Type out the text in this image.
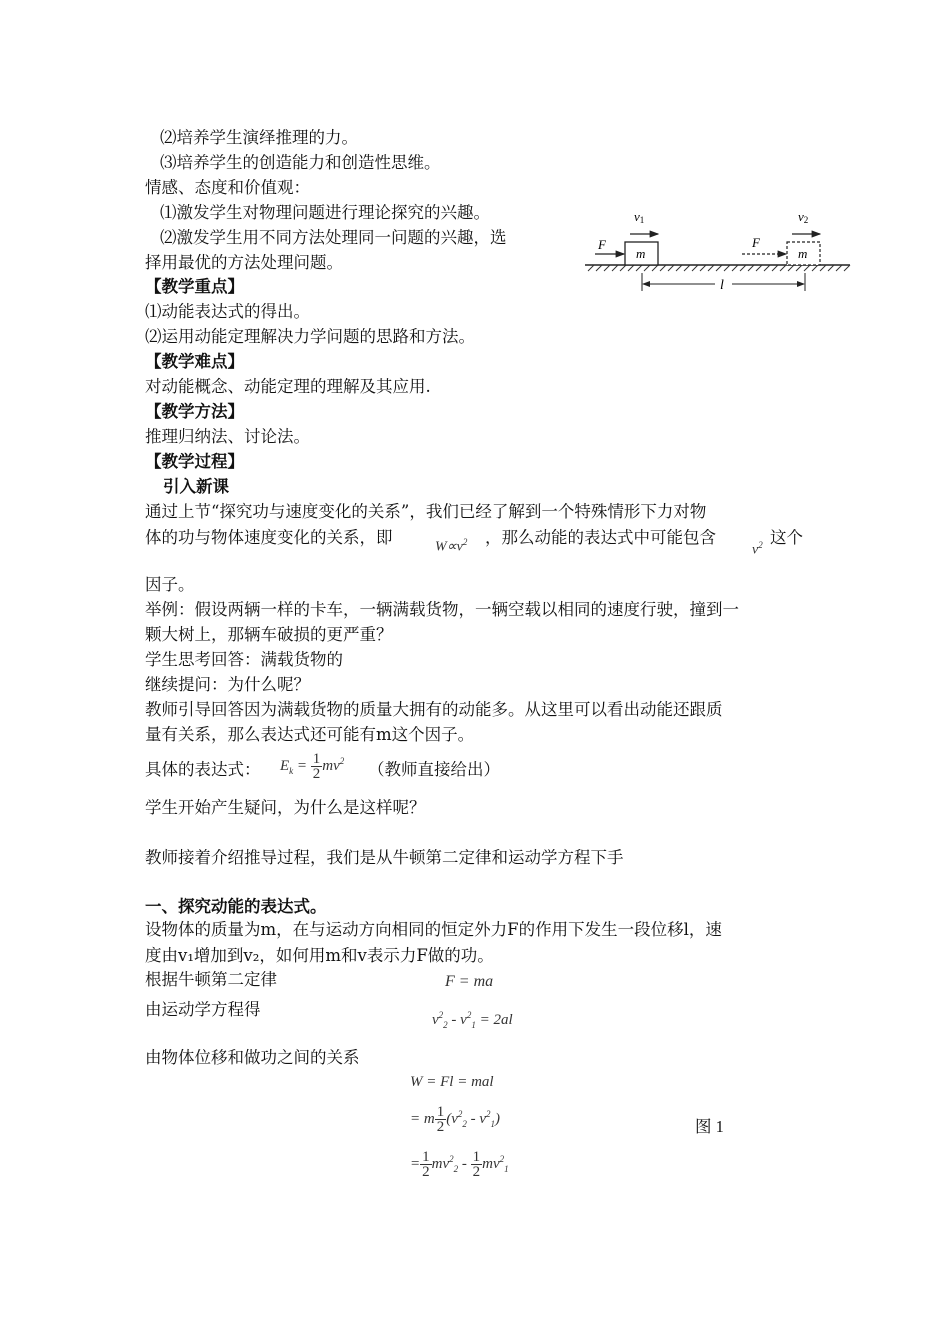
⑵培养学生演绎推理的力。
⑶培养学生的创造能力和创造性思维。
情感、态度和价值观：
⑴激发学生对物理问题进行理论探究的兴趣。
⑵激发学生用不同方法处理同一问题的兴趣，选
择用最优的方法处理问题。
【教学重点】
⑴动能表达式的得出。
⑵运用动能定理解决力学问题的思路和方法。
【教学难点】
对动能概念、动能定理的理解及其应用.
【教学方法】
推理归纳法、讨论法。
【教学过程】
引入新课
通过上节“探究功与速度变化的关系”，我们已经了解到一个特殊情形下力对物
体的功与物体速度变化的关系，即
$W\propto v^2$ ，那么动能的表达式中可能包含
$v^2$ 这个
因子。
举例：假设两辆一样的卡车，一辆满载货物，一辆空载以相同的速度行驶，撞到一
颗大树上，那辆车破损的更严重？
学生思考回答：满载货物的
继续提问：为什么呢？
教师引导回答因为满载货物的质量大拥有的动能多。从这里可以看出动能还跟质
量有关系，那么表达式还可能有m这个因子。
具体的表达式： $E_k = \frac{1}{2} mv^2$ （教师直接给出）
学生开始产生疑问，为什么是这样呢？
教师接着介绍推导过程，我们是从牛顿第二定律和运动学方程下手
一、探究动能的表达式。
设物体的质量为m，在与运动方向相同的恒定外力F的作用下发生一段位移l，速
度由v₁增加到v₂，如何用m和v表示力F做的功。
根据牛顿第二定律	F = ma
由运动学方程得
$v^2_2 - v^2_1 = 2al$
由物体位移和做功之间的关系
W = Fl = mal
= m $\frac{1}{2} (v^2_2 - v^2_1)$
= $\frac{1}{2} mv^2_2 - \frac{1}{2} mv^2_1$
图 1
m
F
v1
m
F
v2
l
